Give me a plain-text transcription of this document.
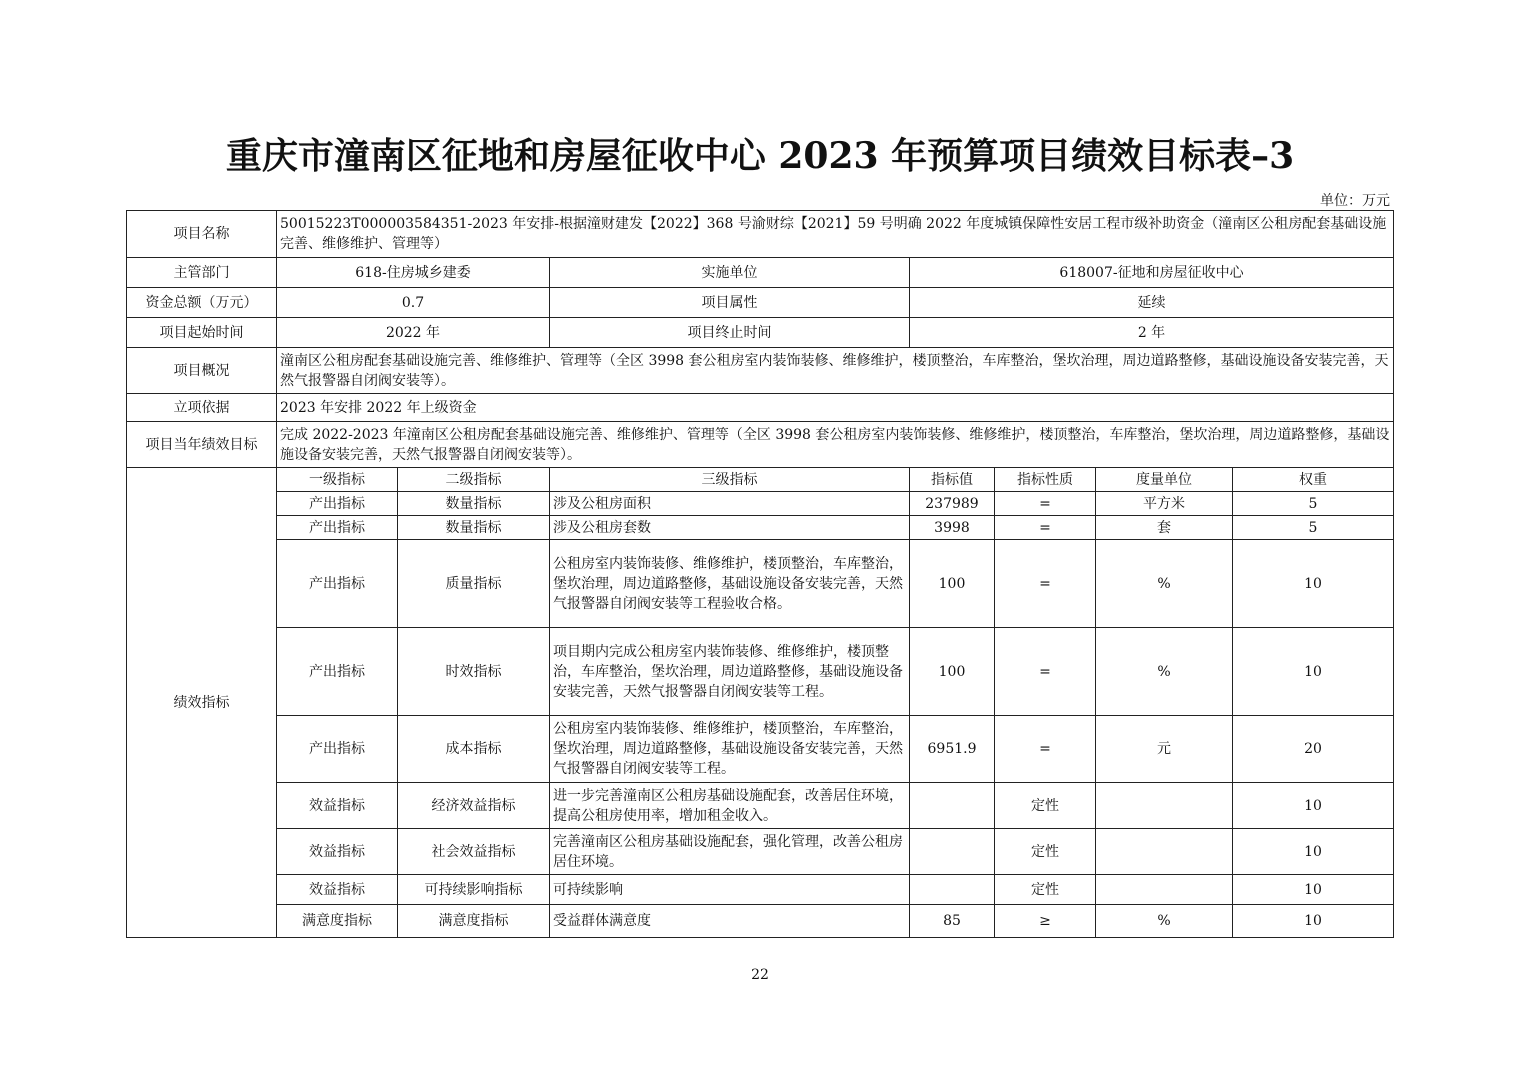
重庆市潼南区征地和房屋征收中心 2023 年预算项目绩效目标表–3
单位：万元
项目名称	50015223T000003584351-2023 年安排-根据潼财建发【2022】368 号渝财综【2021】59 号明确 2022 年度城镇保障性安居工程市级补助资金（潼南区公租房配套基础设施完善、维修维护、管理等）						
主管部门	618-住房城乡建委		实施单位	618007-征地和房屋征收中心			
资金总额（万元）	0.7		项目属性	延续			
项目起始时间	2022 年		项目终止时间	2 年			
项目概况	潼南区公租房配套基础设施完善、维修维护、管理等（全区 3998 套公租房室内装饰装修、维修维护，楼顶整治，车库整治，堡坎治理，周边道路整修，基础设施设备安装完善，天然气报警器自闭阀安装等）。						
立项依据	2023 年安排 2022 年上级资金						
项目当年绩效目标	完成 2022-2023 年潼南区公租房配套基础设施完善、维修维护、管理等（全区 3998 套公租房室内装饰装修、维修维护，楼顶整治，车库整治，堡坎治理，周边道路整修，基础设施设备安装完善，天然气报警器自闭阀安装等）。						
绩效指标	一级指标	二级指标	三级指标	指标值	指标性质	度量单位	权重
	产出指标	数量指标	涉及公租房面积	237989	=	平方米	5
	产出指标	数量指标	涉及公租房套数	3998	=	套	5
	产出指标	质量指标	公租房室内装饰装修、维修维护，楼顶整治，车库整治，堡坎治理，周边道路整修，基础设施设备安装完善，天然气报警器自闭阀安装等工程验收合格。	100	=	%	10
	产出指标	时效指标	项目期内完成公租房室内装饰装修、维修维护，楼顶整治，车库整治，堡坎治理，周边道路整修，基础设施设备安装完善，天然气报警器自闭阀安装等工程。	100	=	%	10
	产出指标	成本指标	公租房室内装饰装修、维修维护，楼顶整治，车库整治，堡坎治理，周边道路整修，基础设施设备安装完善，天然气报警器自闭阀安装等工程。	6951.9	=	元	20
	效益指标	经济效益指标	进一步完善潼南区公租房基础设施配套，改善居住环境，提高公租房使用率，增加租金收入。		定性		10
	效益指标	社会效益指标	完善潼南区公租房基础设施配套，强化管理，改善公租房居住环境。		定性		10
	效益指标	可持续影响指标	可持续影响		定性		10
	满意度指标	满意度指标	受益群体满意度	85	≥	%	10
22
